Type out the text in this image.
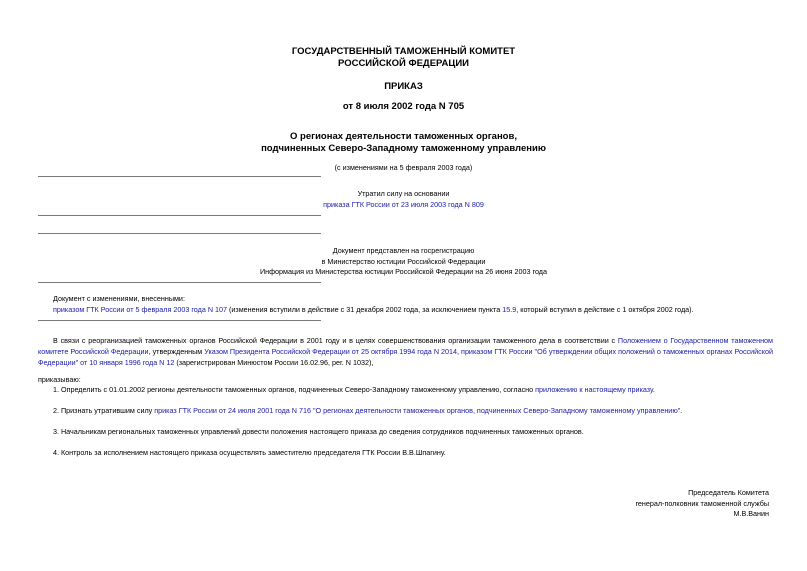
ГОСУДАРСТВЕННЫЙ ТАМОЖЕННЫЙ КОМИТЕТ
РОССИЙСКОЙ ФЕДЕРАЦИИ
ПРИКАЗ
от 8 июля 2002 года N 705
О регионах деятельности таможенных органов,
подчиненных Северо-Западному таможенному управлению
(с изменениями на 5 февраля 2003 года)
Утратил силу на основании
приказа ГТК России от 23 июля 2003 года N 809
Документ представлен на госрегистрацию
в Министерство юстиции Российской Федерации
Информация из Министерства юстиции Российской Федерации на 26 июня 2003 года
Документ с изменениями, внесенными:
приказом ГТК России от 5 февраля 2003 года N 107 (изменения вступили в действие с 31 декабря 2002 года, за исключением пункта 15.9, который вступил в действие с 1 октября 2002 года).
В связи с реорганизацией таможенных органов Российской Федерации в 2001 году и в целях совершенствования организации таможенного дела в соответствии с Положением о Государственном таможенном комитете Российской Федерации, утвержденным Указом Президента Российской Федерации от 25 октября 1994 года N 2014, приказом ГТК России "Об утверждении общих положений о таможенных органах Российской Федерации" от 10 января 1996 года N 12 (зарегистрирован Минюстом России 16.02.96, рег. N 1032),
приказываю:
1. Определить с 01.01.2002 регионы деятельности таможенных органов, подчиненных Северо-Западному таможенному управлению, согласно приложению к настоящему приказу.
2. Признать утратившим силу приказ ГТК России от 24 июля 2001 года N 716 "О регионах деятельности таможенных органов, подчиненных Северо-Западному таможенному управлению".
3. Начальникам региональных таможенных управлений довести положения настоящего приказа до сведения сотрудников подчиненных таможенных органов.
4. Контроль за исполнением настоящего приказа осуществлять заместителю председателя ГТК России В.В.Шпагину.
Председатель Комитета
генерал-полковник таможенной службы
М.В.Ванин
